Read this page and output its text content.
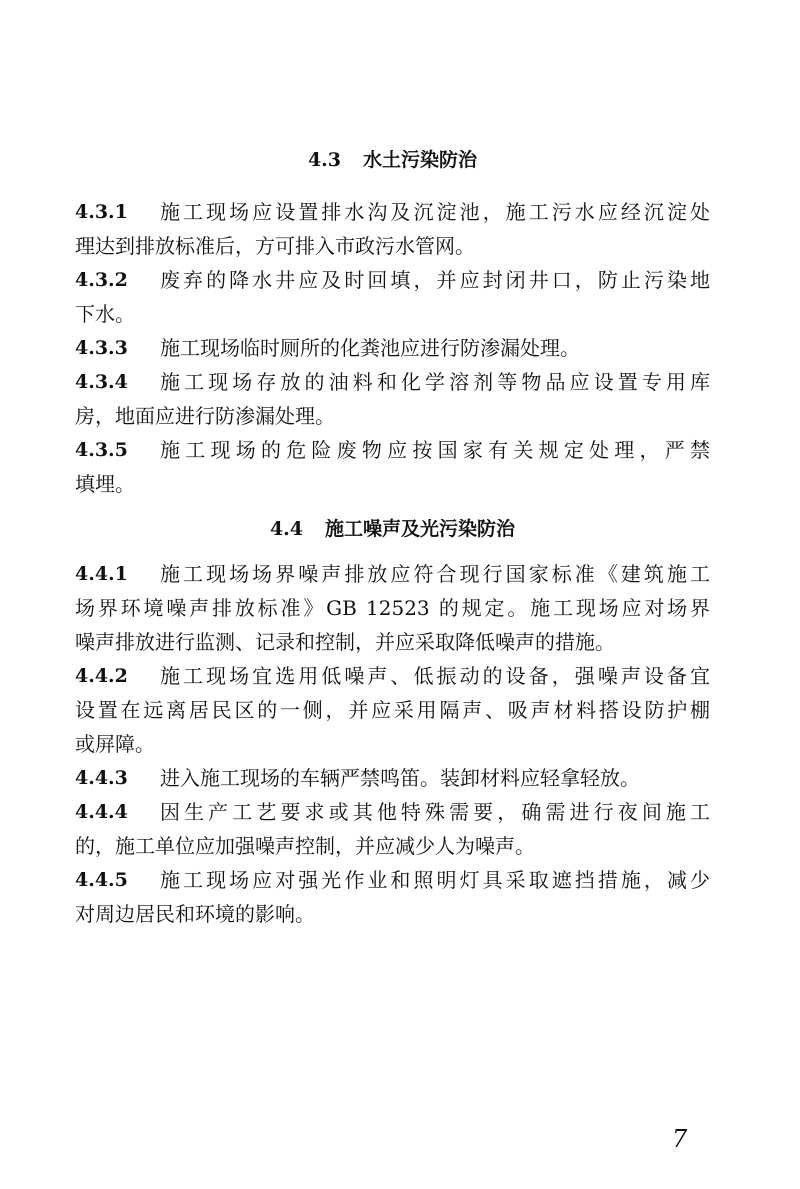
4.3 水土污染防治
4.3.1	施工现场应设置排水沟及沉淀池，施工污水应经沉淀处
理达到排放标准后，方可排入市政污水管网。
4.3.2	废弃的降水井应及时回填，并应封闭井口，防止污染地
下水。
4.3.3	施工现场临时厕所的化粪池应进行防渗漏处理。
4.3.4	施工现场存放的油料和化学溶剂等物品应设置专用库
房，地面应进行防渗漏处理。
4.3.5	施工现场的危险废物应按国家有关规定处理，严禁
填埋。
4.4 施工噪声及光污染防治
4.4.1	施工现场场界噪声排放应符合现行国家标准《建筑施工
场界环境噪声排放标准》GB 12523 的规定。施工现场应对场界
噪声排放进行监测、记录和控制，并应采取降低噪声的措施。
4.4.2	施工现场宜选用低噪声、低振动的设备，强噪声设备宜
设置在远离居民区的一侧，并应采用隔声、吸声材料搭设防护棚
或屏障。
4.4.3	进入施工现场的车辆严禁鸣笛。装卸材料应轻拿轻放。
4.4.4	因生产工艺要求或其他特殊需要，确需进行夜间施工
的，施工单位应加强噪声控制，并应减少人为噪声。
4.4.5	施工现场应对强光作业和照明灯具采取遮挡措施，减少
对周边居民和环境的影响。
7
